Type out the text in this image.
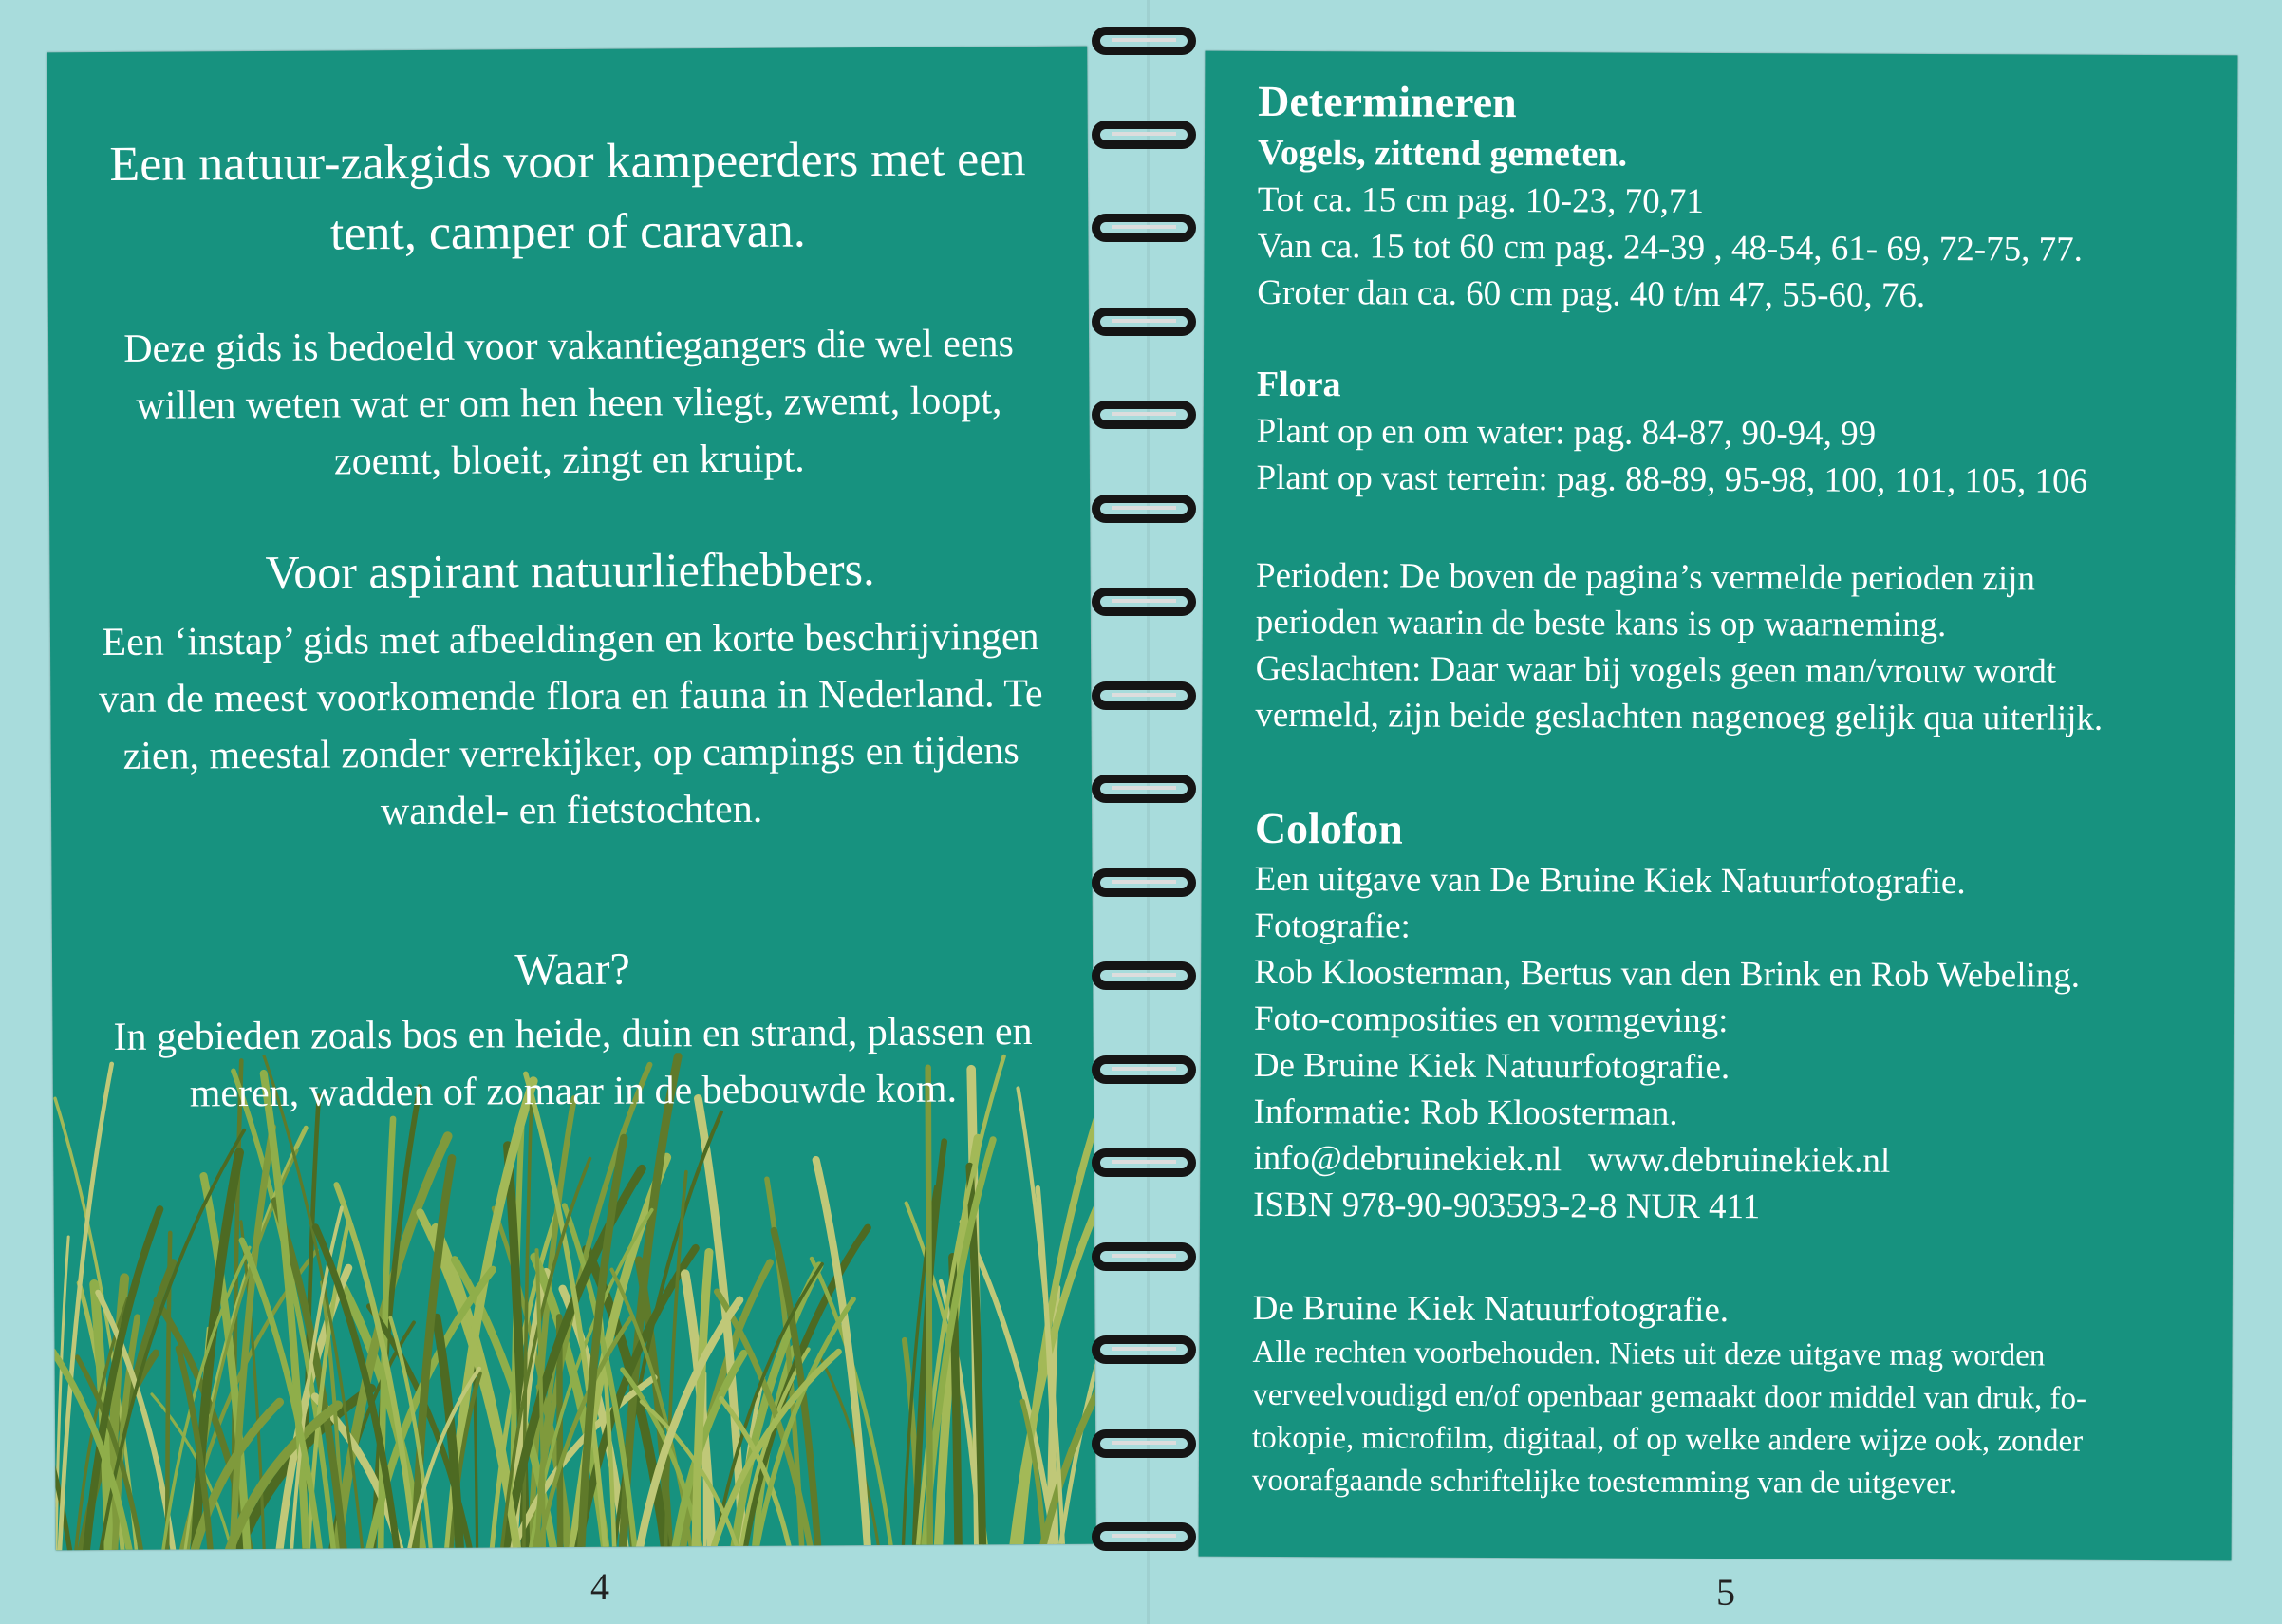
Een natuur-zakgids voor kampeerders met een tent, camper of caravan.
Deze gids is bedoeld voor vakantiegangers die wel eens willen weten wat er om hen heen vliegt, zwemt, loopt, zoemt, bloeit, zingt en kruipt.
Voor aspirant natuurliefhebbers.
Een ‘instap’ gids met afbeeldingen en korte beschrijvingen van de meest voorkomende flora en fauna in Nederland. Te zien, meestal zonder verrekijker, op campings en tijdens wandel- en fietstochten.
Waar?
In gebieden zoals bos en heide, duin en strand, plassen en meren, wadden of zomaar in de bebouwde kom.
4
Determineren
Vogels, zittend gemeten.
Tot ca. 15 cm pag. 10-23, 70,71
Van ca. 15 tot 60 cm pag. 24-39 , 48-54, 61- 69, 72-75, 77.
Groter dan ca. 60 cm pag. 40 t/m 47, 55-60, 76.
Flora
Plant op en om water: pag. 84-87, 90-94, 99
Plant op vast terrein: pag. 88-89, 95-98, 100, 101, 105, 106
Perioden: De boven de pagina’s vermelde perioden zijn
perioden waarin de beste kans is op waarneming.
Geslachten: Daar waar bij vogels geen man/vrouw wordt
vermeld, zijn beide geslachten nagenoeg gelijk qua uiterlijk.
Colofon
Een uitgave van De Bruine Kiek Natuurfotografie.
Fotografie:
Rob Kloosterman, Bertus van den Brink en Rob Webeling.
Foto-composities en vormgeving:
De Bruine Kiek Natuurfotografie.
Informatie: Rob Kloosterman.
info@debruinekiek.nl www.debruinekiek.nl
ISBN 978-90-903593-2-8 NUR 411
De Bruine Kiek Natuurfotografie.
Alle rechten voorbehouden. Niets uit deze uitgave mag worden
verveelvoudigd en/of openbaar gemaakt door middel van druk, fo-
tokopie, microfilm, digitaal, of op welke andere wijze ook, zonder
voorafgaande schriftelijke toestemming van de uitgever.
5
